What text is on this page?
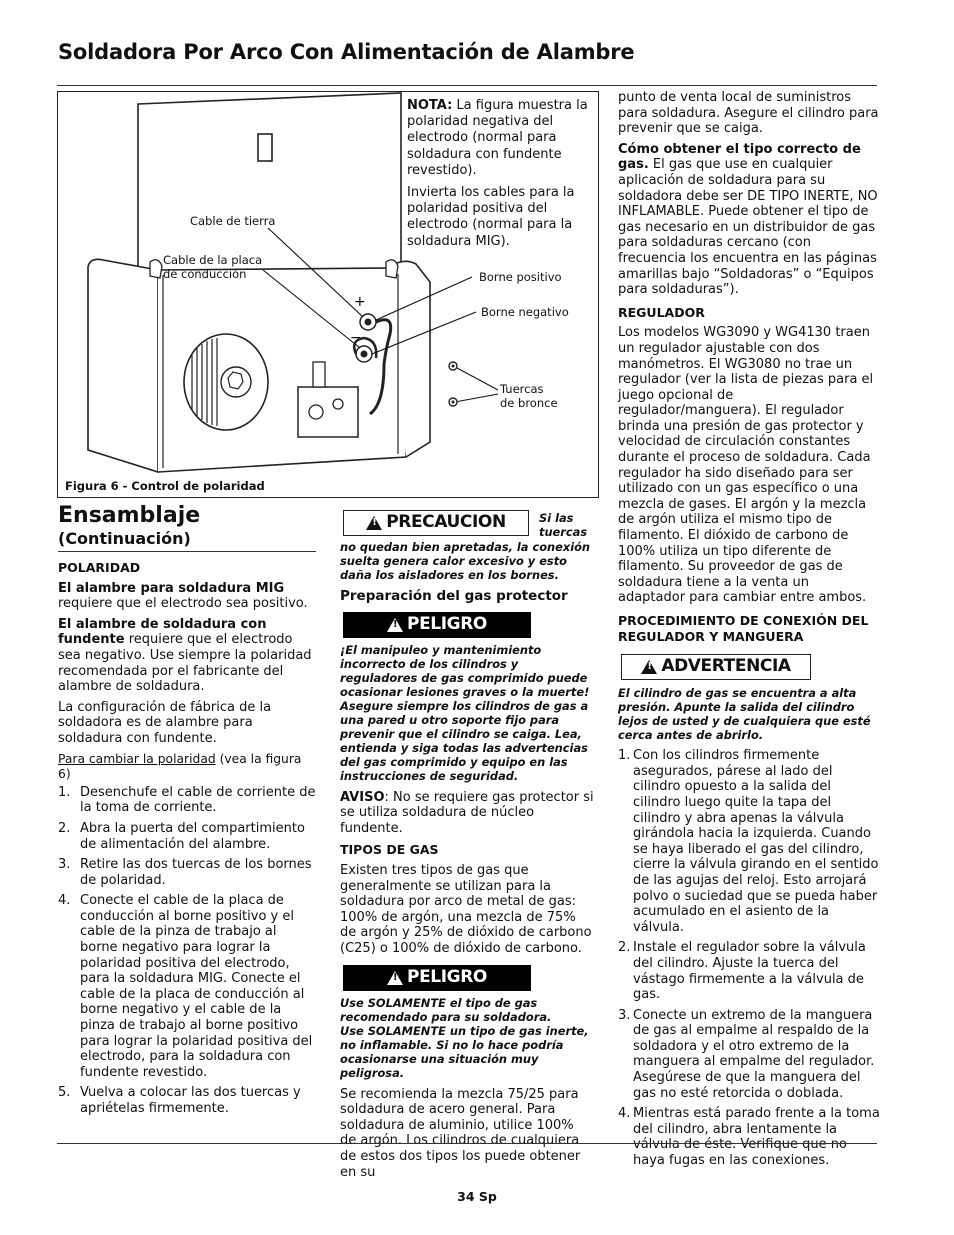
Soldadora Por Arco Con Alimentación de Alambre
+
−
Cable de tierra
Cable de la placa
de conducción	Borne positivo
Borne negativo
Tuercas
de bronce

NOTA: La figura muestra la polaridad negativa del electrodo (normal para soldadura con fundente revestido).

Invierta los cables para la polaridad positiva del electrodo (normal para la soldadura MIG).

Figura 6 - Control de polaridad
Ensamblaje
(Continuación)
POLARIDAD

El alambre para soldadura MIG requiere que el electrodo sea positivo.

El alambre de soldadura con fundente requiere que el electrodo sea negativo. Use siempre la polaridad recomendada por el fabricante del alambre de soldadura.

La configuración de fábrica de la soldadora es de alambre para soldadura con fundente.

Para cambiar la polaridad (vea la figura 6)

1. Desenchufe el cable de corriente de la toma de corriente.
2. Abra la puerta del compartimiento de alimentación del alambre.
3. Retire las dos tuercas de los bornes de polaridad.
4. Conecte el cable de la placa de conducción al borne positivo y el cable de la pinza de trabajo al borne negativo para lograr la polaridad positiva del electrodo, para la soldadura MIG. Conecte el cable de la placa de conducción al borne negativo y el cable de la pinza de trabajo al borne positivo para lograr la polaridad positiva del electrodo, para la soldadura con fundente revestido.
5. Vuelva a colocar las dos tuercas y apriételas firmemente.
!
PRECAUCION	Si las tuercas
no quedan bien apretadas, la conexión suelta genera calor excesivo y esto daña los aisladores en los bornes.
Preparación del gas protector
!
PELIGRO

¡El manipuleo y mantenimiento incorrecto de los cilindros y reguladores de gas comprimido puede ocasionar lesiones graves o la muerte! Asegure siempre los cilindros de gas a una pared u otro soporte fijo para prevenir que el cilindro se caiga. Lea, entienda y siga todas las advertencias del gas comprimido y equipo en las instrucciones de seguridad.

AVISO: No se requiere gas protector si se utiliza soldadura de núcleo fundente.

TIPOS DE GAS

Existen tres tipos de gas que generalmente se utilizan para la soldadura por arco de metal de gas: 100% de argón, una mezcla de 75% de argón y 25% de dióxido de carbono (C25) o 100% de dióxido de carbono.

!
PELIGRO

Use SOLAMENTE el tipo de gas recomendado para su soldadora.

Use SOLAMENTE un tipo de gas inerte, no inflamable. Si no lo hace podría ocasionarse una situación muy peligrosa.

Se recomienda la mezcla 75/25 para soldadura de acero general. Para soldadura de aluminio, utilice 100% de argón. Los cilindros de cualquiera de estos dos tipos los puede obtener en su

punto de venta local de suministros para soldadura. Asegure el cilindro para prevenir que se caiga.

Cómo obtener el tipo correcto de gas. El gas que use en cualquier aplicación de soldadura para su soldadora debe ser DE TIPO INERTE, NO INFLAMABLE. Puede obtener el tipo de gas necesario en un distribuidor de gas para soldaduras cercano (con frecuencia los encuentra en las páginas amarillas bajo “Soldadoras” o “Equipos para soldaduras”).

REGULADOR

Los modelos WG3090 y WG4130 traen un regulador ajustable con dos manómetros. El WG3080 no trae un regulador (ver la lista de piezas para el juego opcional de regulador/manguera). El regulador brinda una presión de gas protector y velocidad de circulación constantes durante el proceso de soldadura. Cada regulador ha sido diseñado para ser utilizado con un gas específico o una mezcla de gases. El argón y la mezcla de argón utiliza el mismo tipo de filamento. El dióxido de carbono de 100% utiliza un tipo diferente de filamento. Su proveedor de gas de soldadura tiene a la venta un adaptador para cambiar entre ambos.

PROCEDIMIENTO DE CONEXIÓN DEL REGULADOR Y MANGUERA
!
ADVERTENCIA

El cilindro de gas se encuentra a alta presión. Apunte la salida del cilindro lejos de usted y de cualquiera que esté cerca antes de abrirlo.

1. Con los cilindros firmemente asegurados, párese al lado del cilindro opuesto a la salida del cilindro luego quite la tapa del cilindro y abra apenas la válvula girándola hacia la izquierda. Cuando se haya liberado el gas del cilindro, cierre la válvula girando en el sentido de las agujas del reloj. Esto arrojará polvo o suciedad que se pueda haber acumulado en el asiento de la válvula.
2. Instale el regulador sobre la válvula del cilindro. Ajuste la tuerca del vástago firmemente a la válvula de gas.
3. Conecte un extremo de la manguera de gas al empalme al respaldo de la soldadora y el otro extremo de la manguera al empalme del regulador. Asegúrese de que la manguera del gas no esté retorcida o doblada.
4. Mientras está parado frente a la toma del cilindro, abra lentamente la válvula de éste. Verifique que no haya fugas en las conexiones.
34 Sp
